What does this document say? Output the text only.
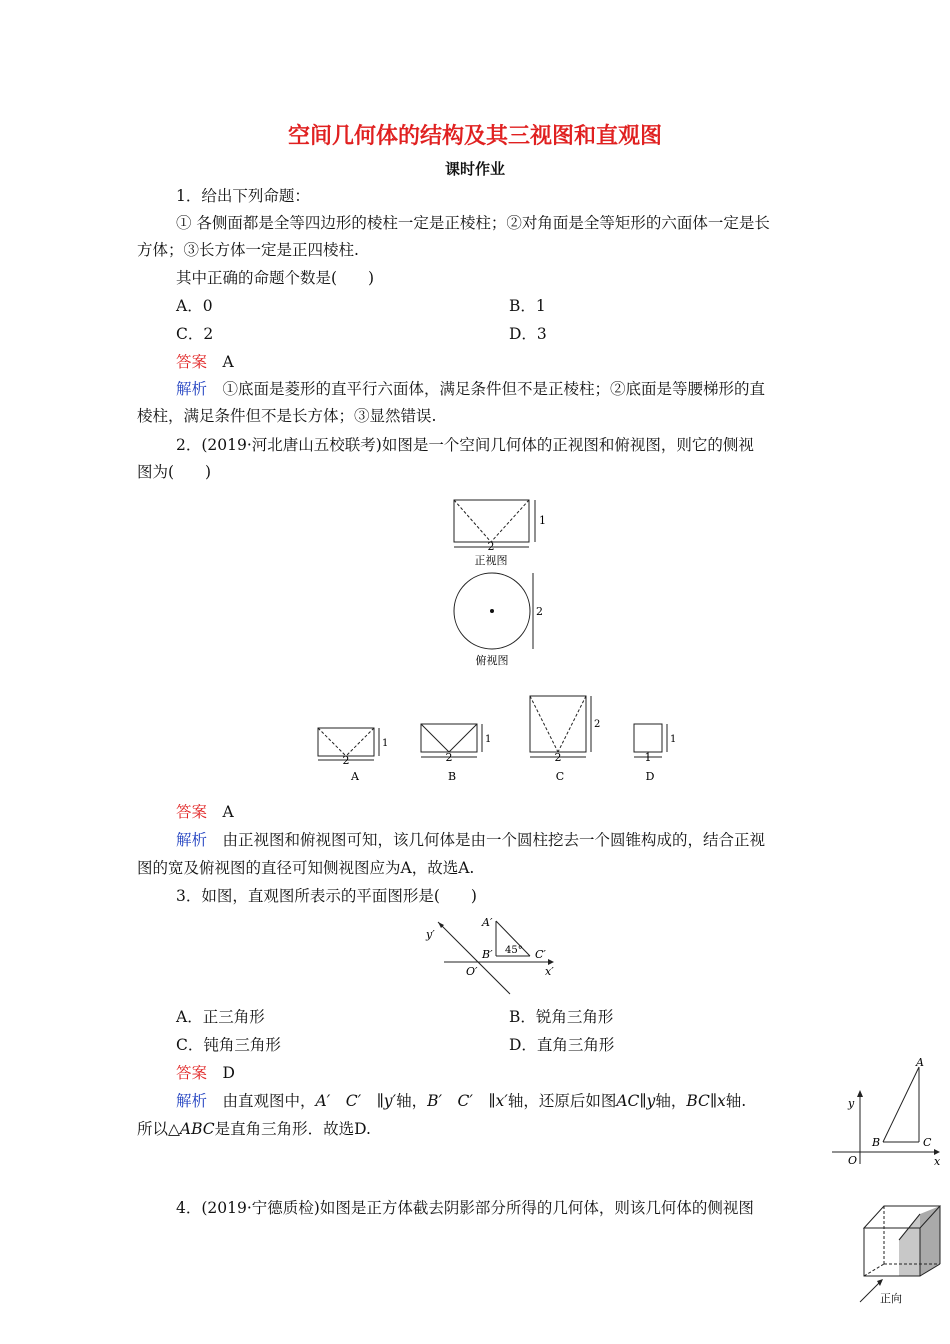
空间几何体的结构及其三视图和直观图
课时作业
1．给出下列命题：
① 各侧面都是全等四边形的棱柱一定是正棱柱；②对角面是全等矩形的六面体一定是长
方体；③长方体一定是正四棱柱.
其中正确的命题个数是(　　)
A．0	B．1
C．2	D．3
答案　 A
解析　 ①底面是菱形的直平行六面体，满足条件但不是正棱柱；②底面是等腰梯形的直
棱柱，满足条件但不是长方体；③显然错误.
2．(2019·河北唐山五校联考)如图是一个空间几何体的正视图和俯视图，则它的侧视
图为(　　)
2
1
正视图
2
俯视图
2
1
A
2
1
B
2
2
C
1
1
D
y′
x′
O′
A′
B′	C′
45°
y
x
O
A
B	C
正向
答案　 A
解析　 由正视图和俯视图可知，该几何体是由一个圆柱挖去一个圆锥构成的，结合正视
图的宽及俯视图的直径可知侧视图应为A，故选A.
3．如图，直观图所表示的平面图形是(　　)
A．正三角形	B．锐角三角形
C．钝角三角形	D．直角三角形
答案　 D
解析　 由直观图中，A′　C′　∥y′轴，B′　C′　∥x′轴，还原后如图AC∥y轴，BC∥x轴.
所以△ABC是直角三角形．故选D.
4．(2019·宁德质检)如图是正方体截去阴影部分所得的几何体，则该几何体的侧视图
